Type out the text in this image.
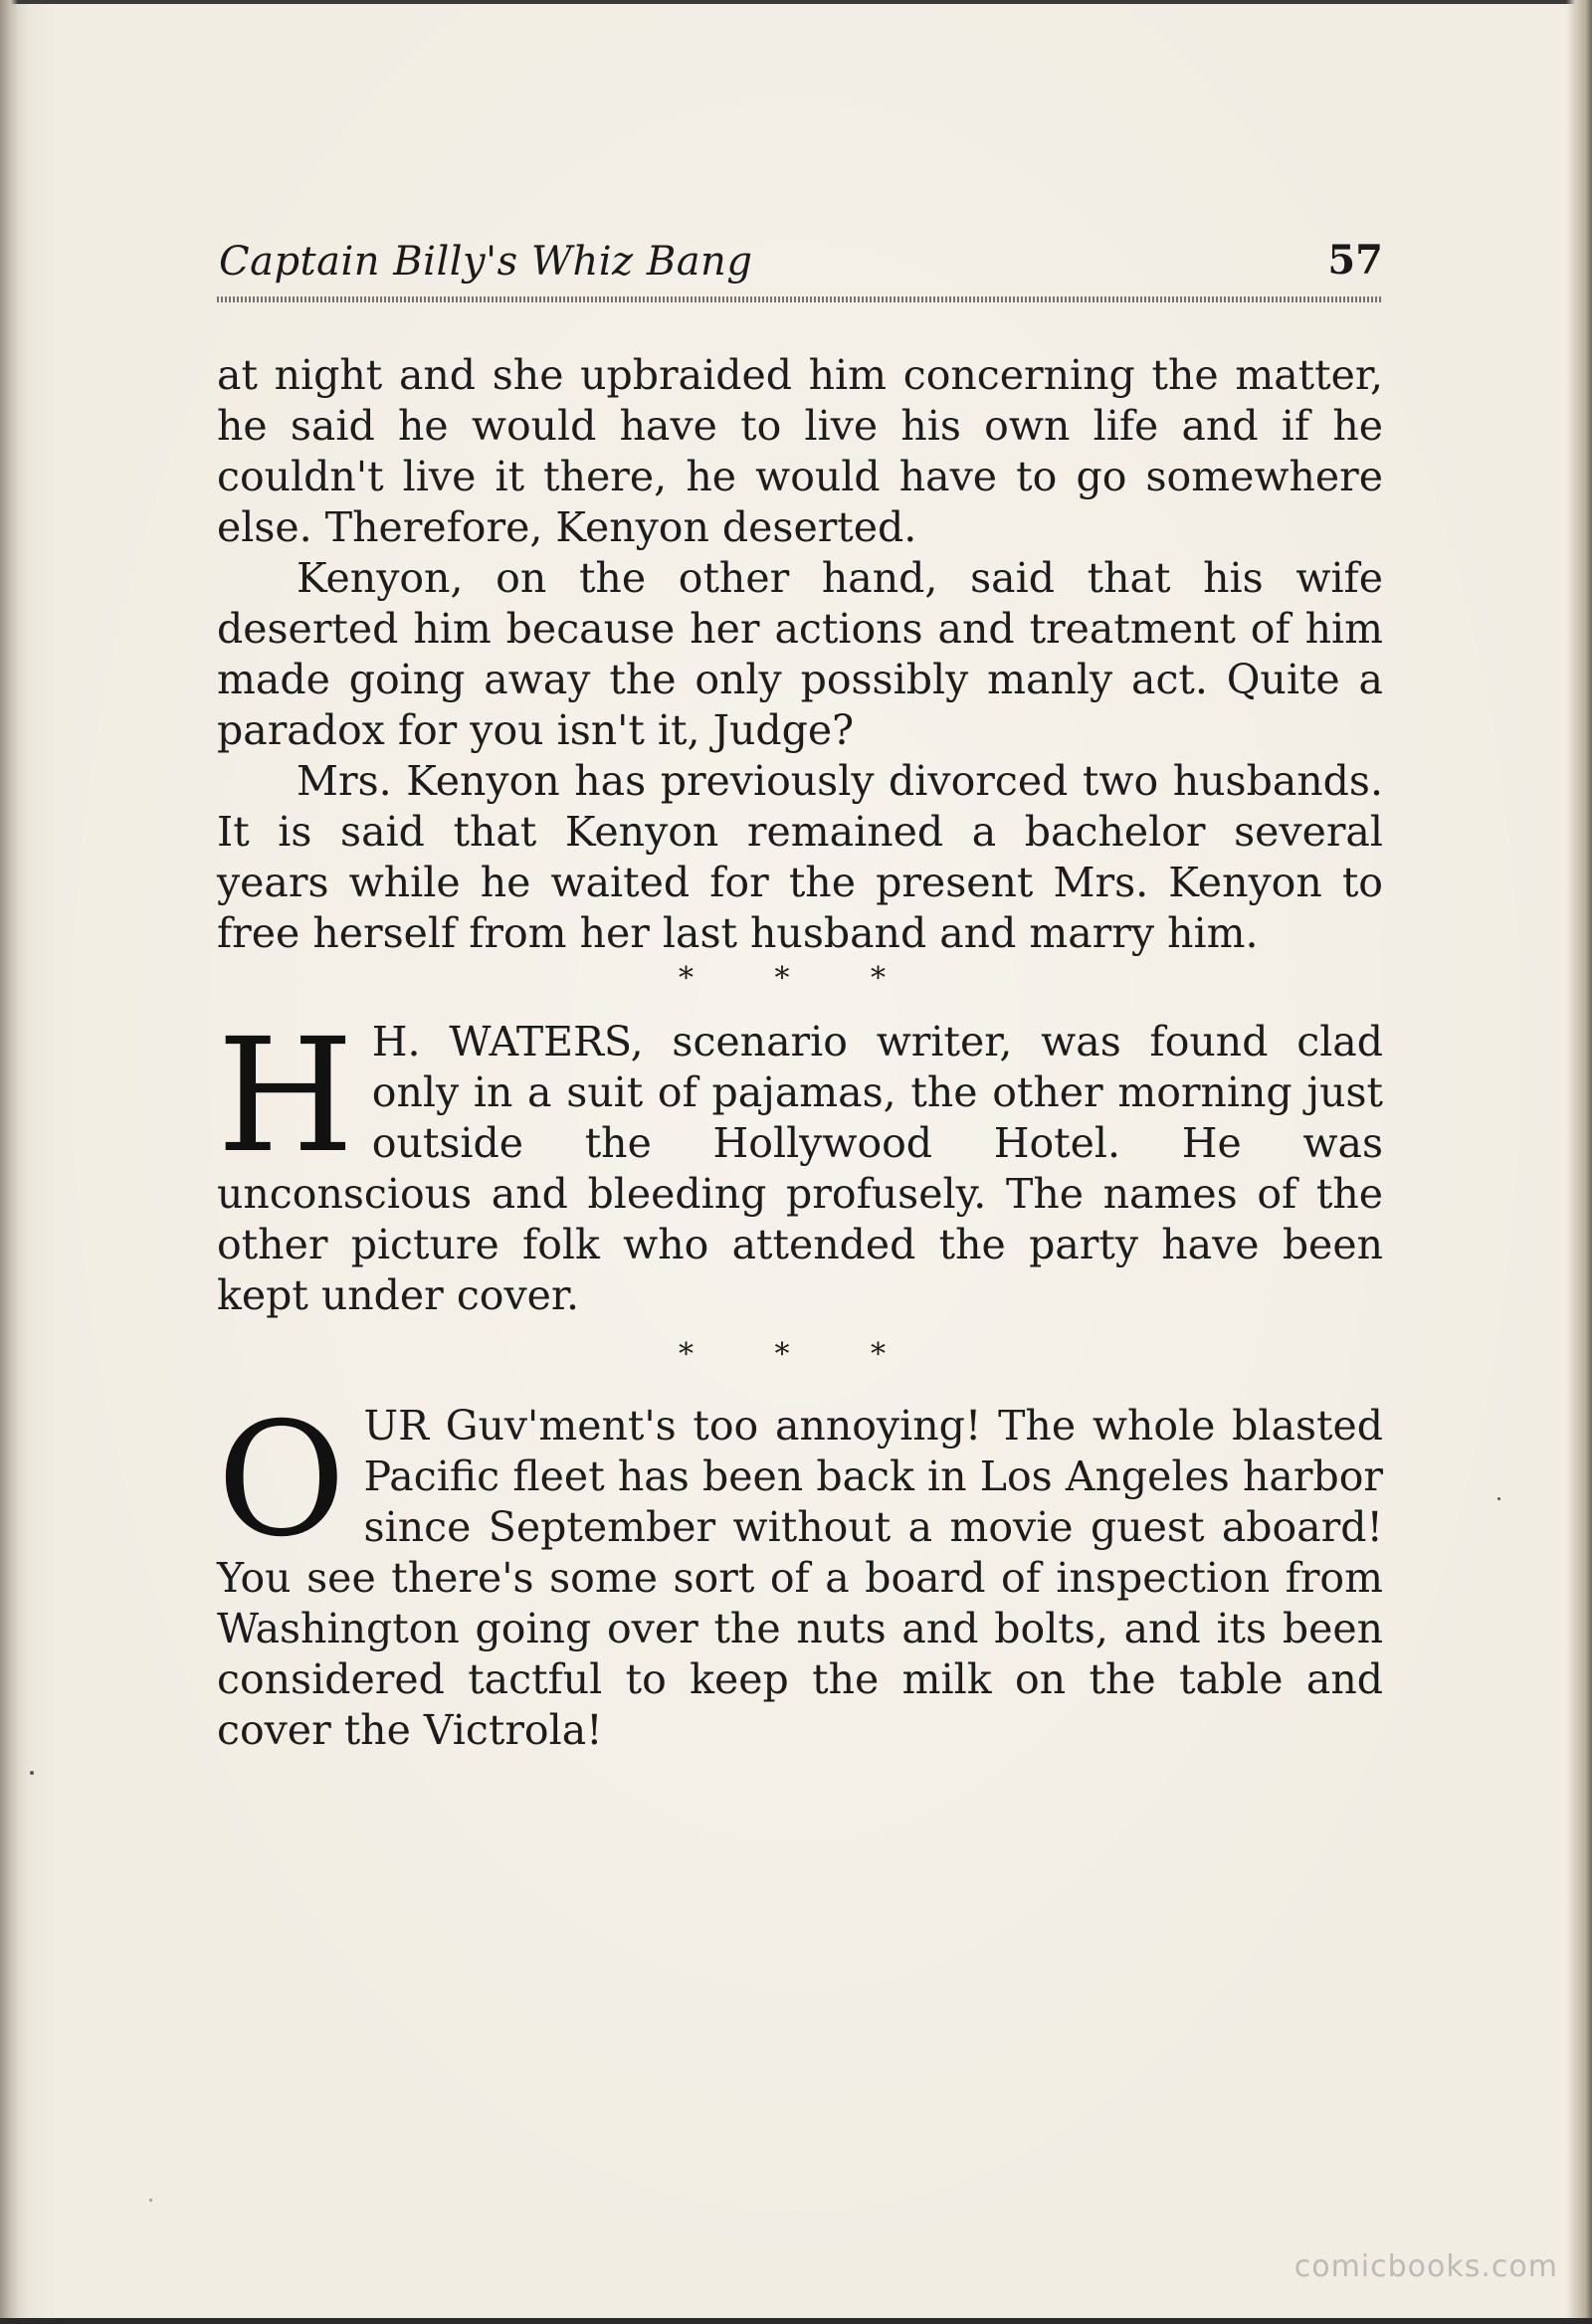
Captain Billy's Whiz Bang	57

at night and she upbraided him concerning the matter, he said he would have to live his own life and if he couldn't live it there, he would have to go somewhere else. Therefore, Kenyon deserted.

Kenyon, on the other hand, said that his wife deserted him because her actions and treatment of him made going away the only possibly manly act. Quite a paradox for you isn't it, Judge?

Mrs. Kenyon has previously divorced two husbands. It is said that Kenyon remained a bachelor several years while he waited for the present Mrs. Kenyon to free herself from her last husband and marry him.

* * *

H H. WATERS, scenario writer, was found clad only in a suit of pajamas, the other morning just outside the Hollywood Hotel. He was unconscious and bleeding profusely. The names of the other picture folk who attended the party have been kept under cover.

* * *

O UR Guv'ment's too annoying! The whole blasted Pacific fleet has been back in Los Angeles harbor since September without a movie guest aboard! You see there's some sort of a board of inspection from Washington going over the nuts and bolts, and its been considered tactful to keep the milk on the table and cover the Victrola!
comicbooks.com
